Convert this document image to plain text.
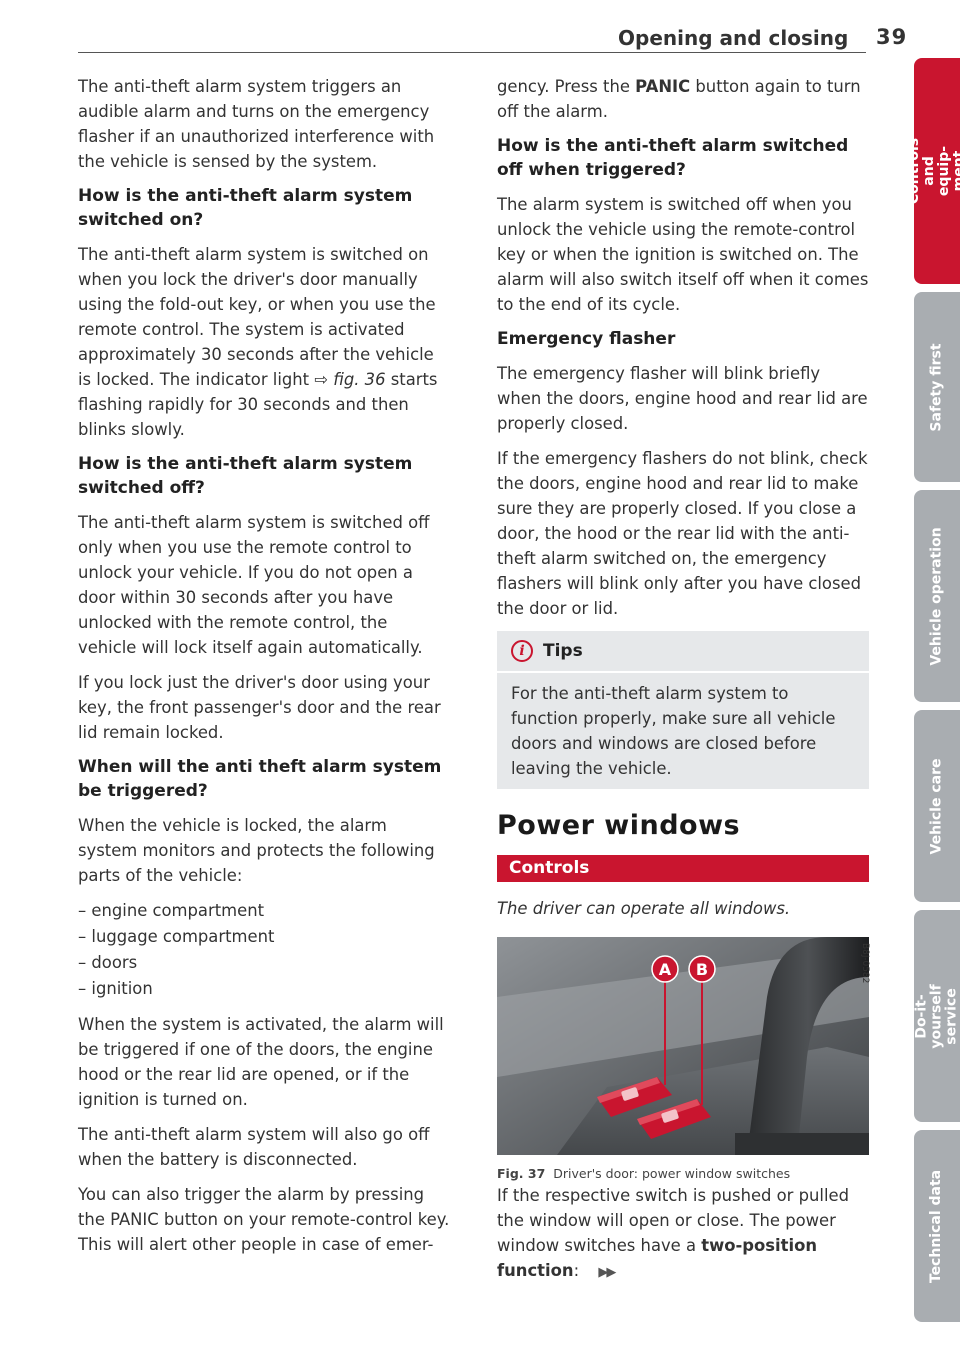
Opening and closing 39

The anti-theft alarm system triggers an audible alarm and turns on the emergency flasher if an unauthorized interference with the vehicle is sensed by the system.

How is the anti-theft alarm system switched on?

The anti-theft alarm system is switched on when you lock the driver's door manually using the fold-out key, or when you use the remote control. The system is activated approximately 30 seconds after the vehicle is locked. The indicator light ⇨ fig. 36 starts flashing rapidly for 30 seconds and then blinks slowly.

How is the anti-theft alarm system switched off?

The anti-theft alarm system is switched off only when you use the remote control to unlock your vehicle. If you do not open a door within 30 seconds after you have unlocked with the remote control, the vehicle will lock itself again automatically.

If you lock just the driver's door using your key, the front passenger's door and the rear lid remain locked.

When will the anti theft alarm system be triggered?

When the vehicle is locked, the alarm system monitors and protects the following parts of the vehicle:

– engine compartment
– luggage compartment
– doors
– ignition

When the system is activated, the alarm will be triggered if one of the doors, the engine hood or the rear lid are opened, or if the ignition is turned on.

The anti-theft alarm system will also go off when the battery is disconnected.

You can also trigger the alarm by pressing the PANIC button on your remote-control key. This will alert other people in case of emer-

gency. Press the PANIC button again to turn off the alarm.

How is the anti-theft alarm switched off when triggered?

The alarm system is switched off when you unlock the vehicle using the remote-control key or when the ignition is switched on. The alarm will also switch itself off when it comes to the end of its cycle.

Emergency flasher

The emergency flasher will blink briefly when the doors, engine hood and rear lid are properly closed.

If the emergency flashers do not blink, check the doors, engine hood and rear lid to make sure they are properly closed. If you close a door, the hood or the rear lid with the anti-theft alarm switched on, the emergency flashers will blink only after you have closed the door or lid.

i	Tips
For the anti-theft alarm system to function properly, make sure all vehicle doors and windows are closed before leaving the vehicle.
Power windows
Controls

The driver can operate all windows.

A B	B8J-0582
Fig. 37 Driver's door: power window switches

If the respective switch is pushed or pulled the window will open or close. The power window switches have a two-position function: ▶▶

Controls and equip-ment
Safety first
Vehicle operation
Vehicle care
Do-it-yourself service
Technical data
